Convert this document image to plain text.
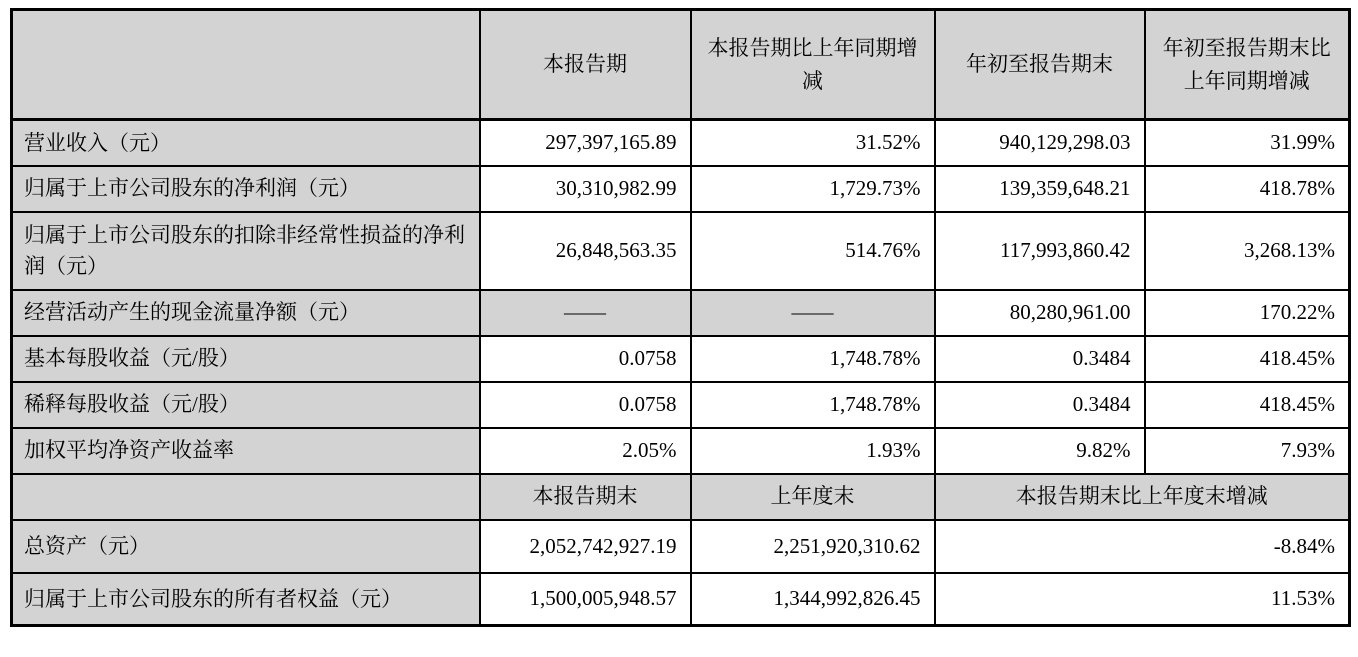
	本报告期	本报告期比上年同期增减	年初至报告期末	年初至报告期末比上年同期增减
营业收入（元）	297,397,165.89	31.52%	940,129,298.03	31.99%
归属于上市公司股东的净利润（元）	30,310,982.99	1,729.73%	139,359,648.21	418.78%
归属于上市公司股东的扣除非经常性损益的净利润（元）	26,848,563.35	514.76%	117,993,860.42	3,268.13%
经营活动产生的现金流量净额（元）	——	——	80,280,961.00	170.22%
基本每股收益（元/股）	0.0758	1,748.78%	0.3484	418.45%
稀释每股收益（元/股）	0.0758	1,748.78%	0.3484	418.45%
加权平均净资产收益率	2.05%	1.93%	9.82%	7.93%
	本报告期末	上年度末	本报告期末比上年度末增减	
总资产（元）	2,052,742,927.19	2,251,920,310.62	-8.84%	
归属于上市公司股东的所有者权益（元）	1,500,005,948.57	1,344,992,826.45	11.53%	
